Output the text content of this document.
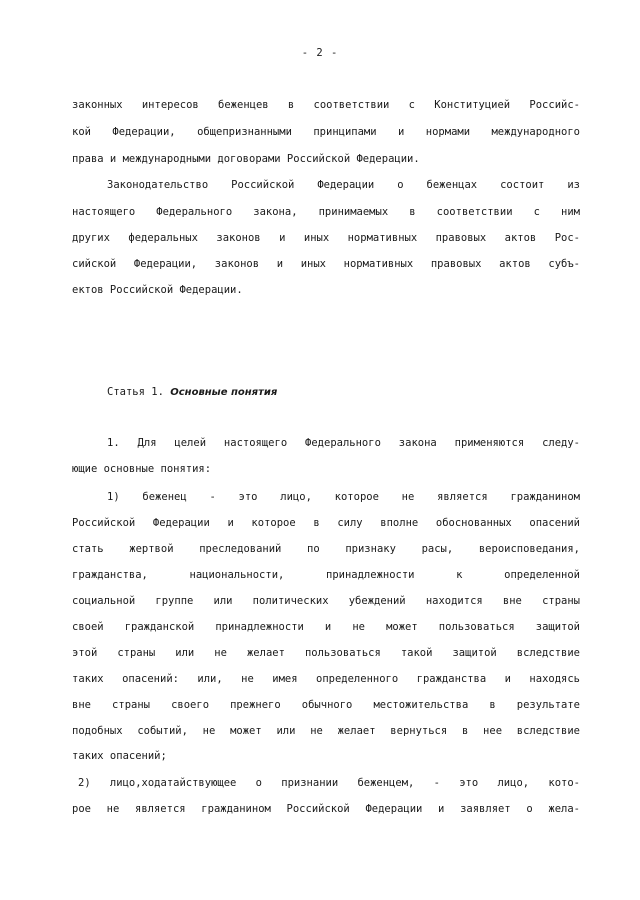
- 2 -
законных интересов беженцев в соответствии с Конституцией Российс-
кой Федерации, общепризнанными принципами и нормами международного
права и международными договорами Российской Федерации.
Законодательство Российской Федерации о беженцах состоит из
настоящего Федерального закона, принимаемых в соответствии с ним
других федеральных законов и иных нормативных правовых актов Рос-
сийской Федерации, законов и иных нормативных правовых актов субъ-
ектов Российской Федерации.
Статья 1. Основные понятия
1. Для целей настоящего Федерального закона применяются следу-
ющие основные понятия:
1) беженец - это лицо, которое не является гражданином
Российской Федерации и которое в силу вполне обоснованных опасений
стать жертвой преследований по признаку расы, вероисповедания,
гражданства, национальности, принадлежности к определенной
социальной группе или политических убеждений находится вне страны
своей гражданской принадлежности и не может пользоваться защитой
этой страны или не желает пользоваться такой защитой вследствие
таких опасений: или, не имея определенного гражданства и находясь
вне страны своего прежнего обычного местожительства в результате
подобных событий, не может или не желает вернуться в нее вследствие
таких опасений;
2) лицо,ходатайствующее о признании беженцем, - это лицо, кото-
рое не является гражданином Российской Федерации и заявляет о жела-
